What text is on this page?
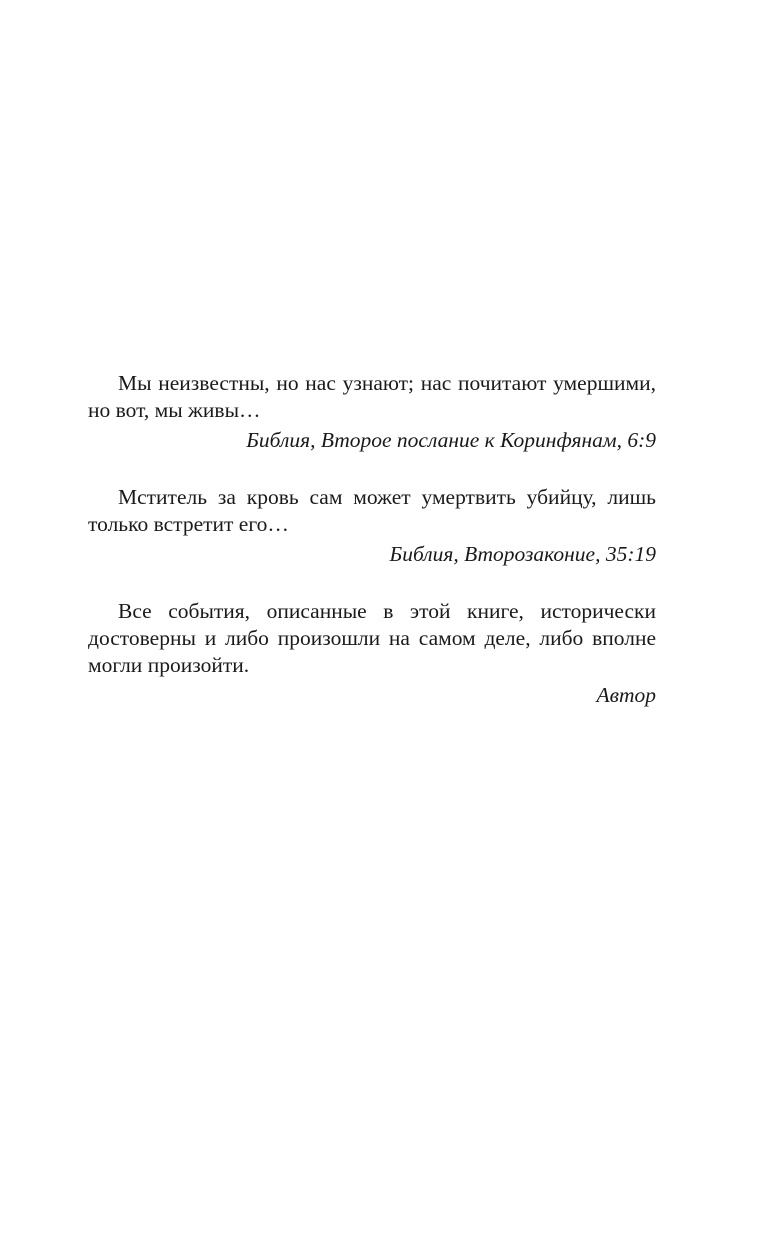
Мы неизвестны, но нас узнают; нас почитают умершими, но вот, мы живы…

Библия, Второе послание к Коринфянам, 6:9

Мститель за кровь сам может умертвить убийцу, лишь только встретит его…

Библия, Второзаконие, 35:19

Все события, описанные в этой книге, исторически достоверны и либо произошли на самом деле, либо вполне могли произойти.

Автор
